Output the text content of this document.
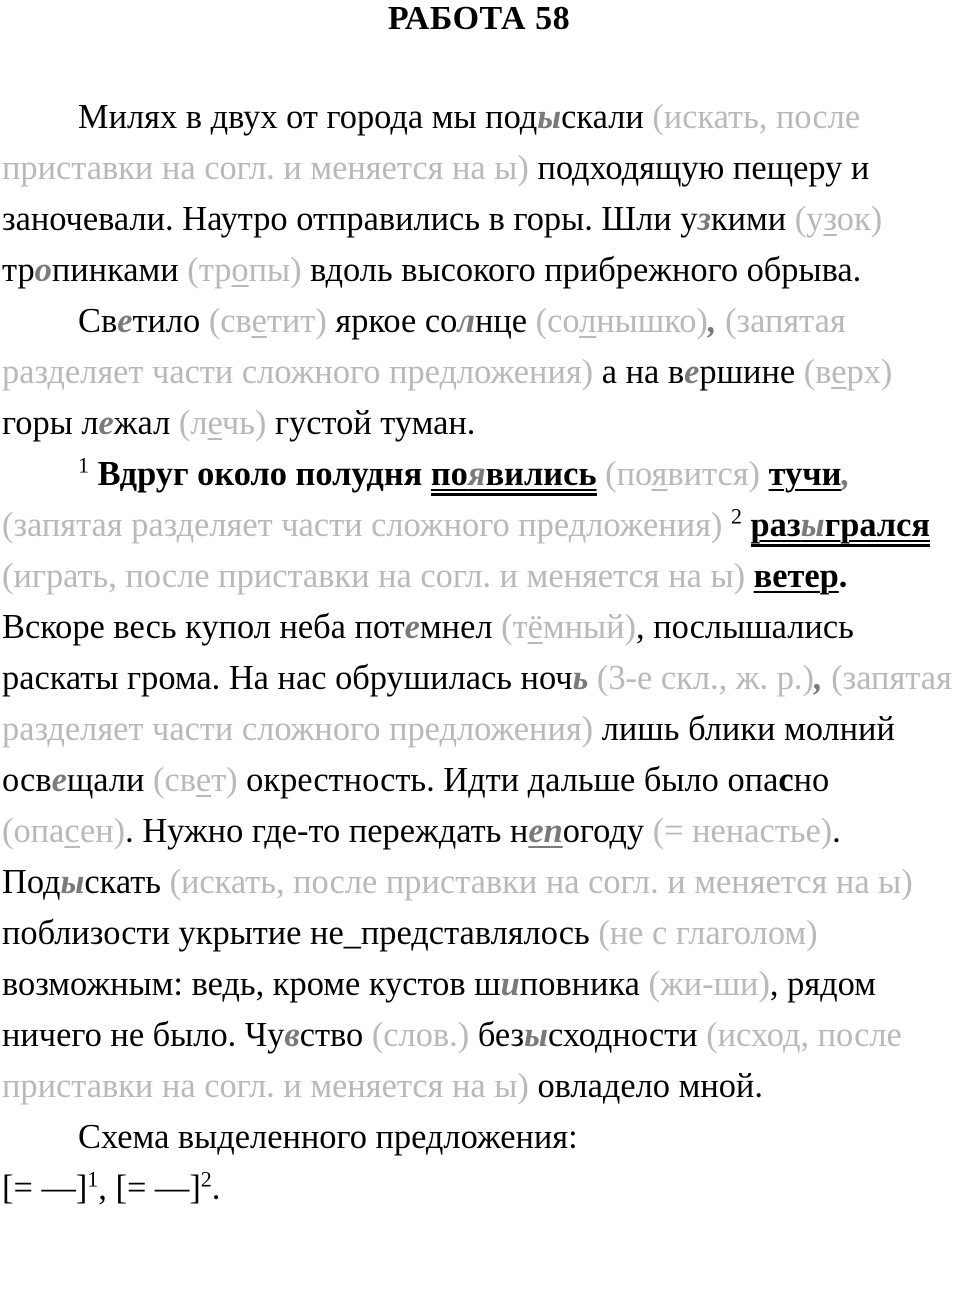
РАБОТА 58

Милях в двух от города мы подыскали (искать, после приставки на согл. и меняется на ы) подходящую пещеру и заночевали. Наутро отправились в горы. Шли узкими (узок) тропинками (тропы) вдоль высокого прибрежного обрыва.

Светило (светит) яркое солнце (солнышко), (запятая разделяет части сложного предложения) а на вершине (верх) горы лежал (лечь) густой туман.

$^1$ Вдруг около полудня появились (появится) тучи, (запятая разделяет части сложного предложения) $^2$ разыгрался (играть, после приставки на согл. и меняется на ы) ветер. Вскоре весь купол неба потемнел (тёмный), послышались раскаты грома. На нас обрушилась ночь (3-е скл., ж. р.), (запятая разделяет части сложного предложения) лишь блики молний освещали (свет) окрестность. Идти дальше было опасно (опасен). Нужно где-то переждать непогоду (= ненастье). Подыскать (искать, после приставки на согл. и меняется на ы) поблизости укрытие не_представлялось (не с глаголом) возможным: ведь, кроме кустов шиповника (жи-ши), рядом ничего не было. Чувство (слов.) безысходности (исход, после приставки на согл. и меняется на ы) овладело мной.

Схема выделенного предложения:

[= —]$^1$, [= —]$^2$.
